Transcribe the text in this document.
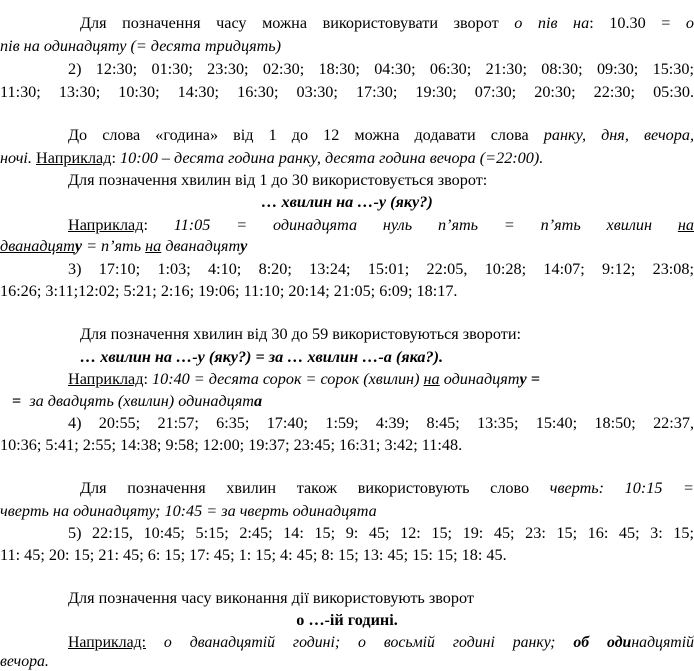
Для позначення часу можна використовувати зворот о пів на: 10.30 = о
пів на одинадцяту (= десята тридцять)
2) 12:30; 01:30; 23:30; 02:30; 18:30; 04:30; 06:30; 21:30; 08:30; 09:30; 15:30;
11:30; 13:30; 10:30; 14:30; 16:30; 03:30; 17:30; 19:30; 07:30; 20:30; 22:30; 05:30.
До слова «година» від 1 до 12 можна додавати слова ранку, дня, вечора,
ночі. Наприклад: 10:00 – десята година ранку, десята година вечора (=22:00).
Для позначення хвилин від 1 до 30 використовується зворот:
… хвилин на …-у (яку?)
Наприклад: 11:05 = одинадцята нуль п’ять = п’ять хвилин на
дванадцяту = п’ять на дванадцяту
3) 17:10; 1:03; 4:10; 8:20; 13:24; 15:01; 22:05, 10:28; 14:07; 9:12; 23:08;
16:26; 3:11;12:02; 5:21; 2:16; 19:06; 11:10; 20:14; 21:05; 6:09; 18:17.
Для позначення хвилин від 30 до 59 використовуються звороти:
… хвилин на …-у (яку?) = за … хвилин …-а (яка?).
Наприклад: 10:40 = десята сорок = сорок (хвилин) на одинадцяту =
= за двадцять (хвилин) одинадцята
4) 20:55; 21:57; 6:35; 17:40; 1:59; 4:39; 8:45; 13:35; 15:40; 18:50; 22:37,
10:36; 5:41; 2:55; 14:38; 9:58; 12:00; 19:37; 23:45; 16:31; 3:42; 11:48.
Для позначення хвилин також використовують слово чверть: 10:15 =
чверть на одинадцяту; 10:45 = за чверть одинадцята
5) 22:15, 10:45; 5:15; 2:45; 14: 15; 9: 45; 12: 15; 19: 45; 23: 15; 16: 45; 3: 15;
11: 45; 20: 15; 21: 45; 6: 15; 17: 45; 1: 15; 4: 45; 8: 15; 13: 45; 15: 15; 18: 45.
Для позначення часу виконання дії використовують зворот
о …-ій годині.
Наприклад: о дванадцятій годині; о восьмій годині ранку; об одинадцятій
вечора.
